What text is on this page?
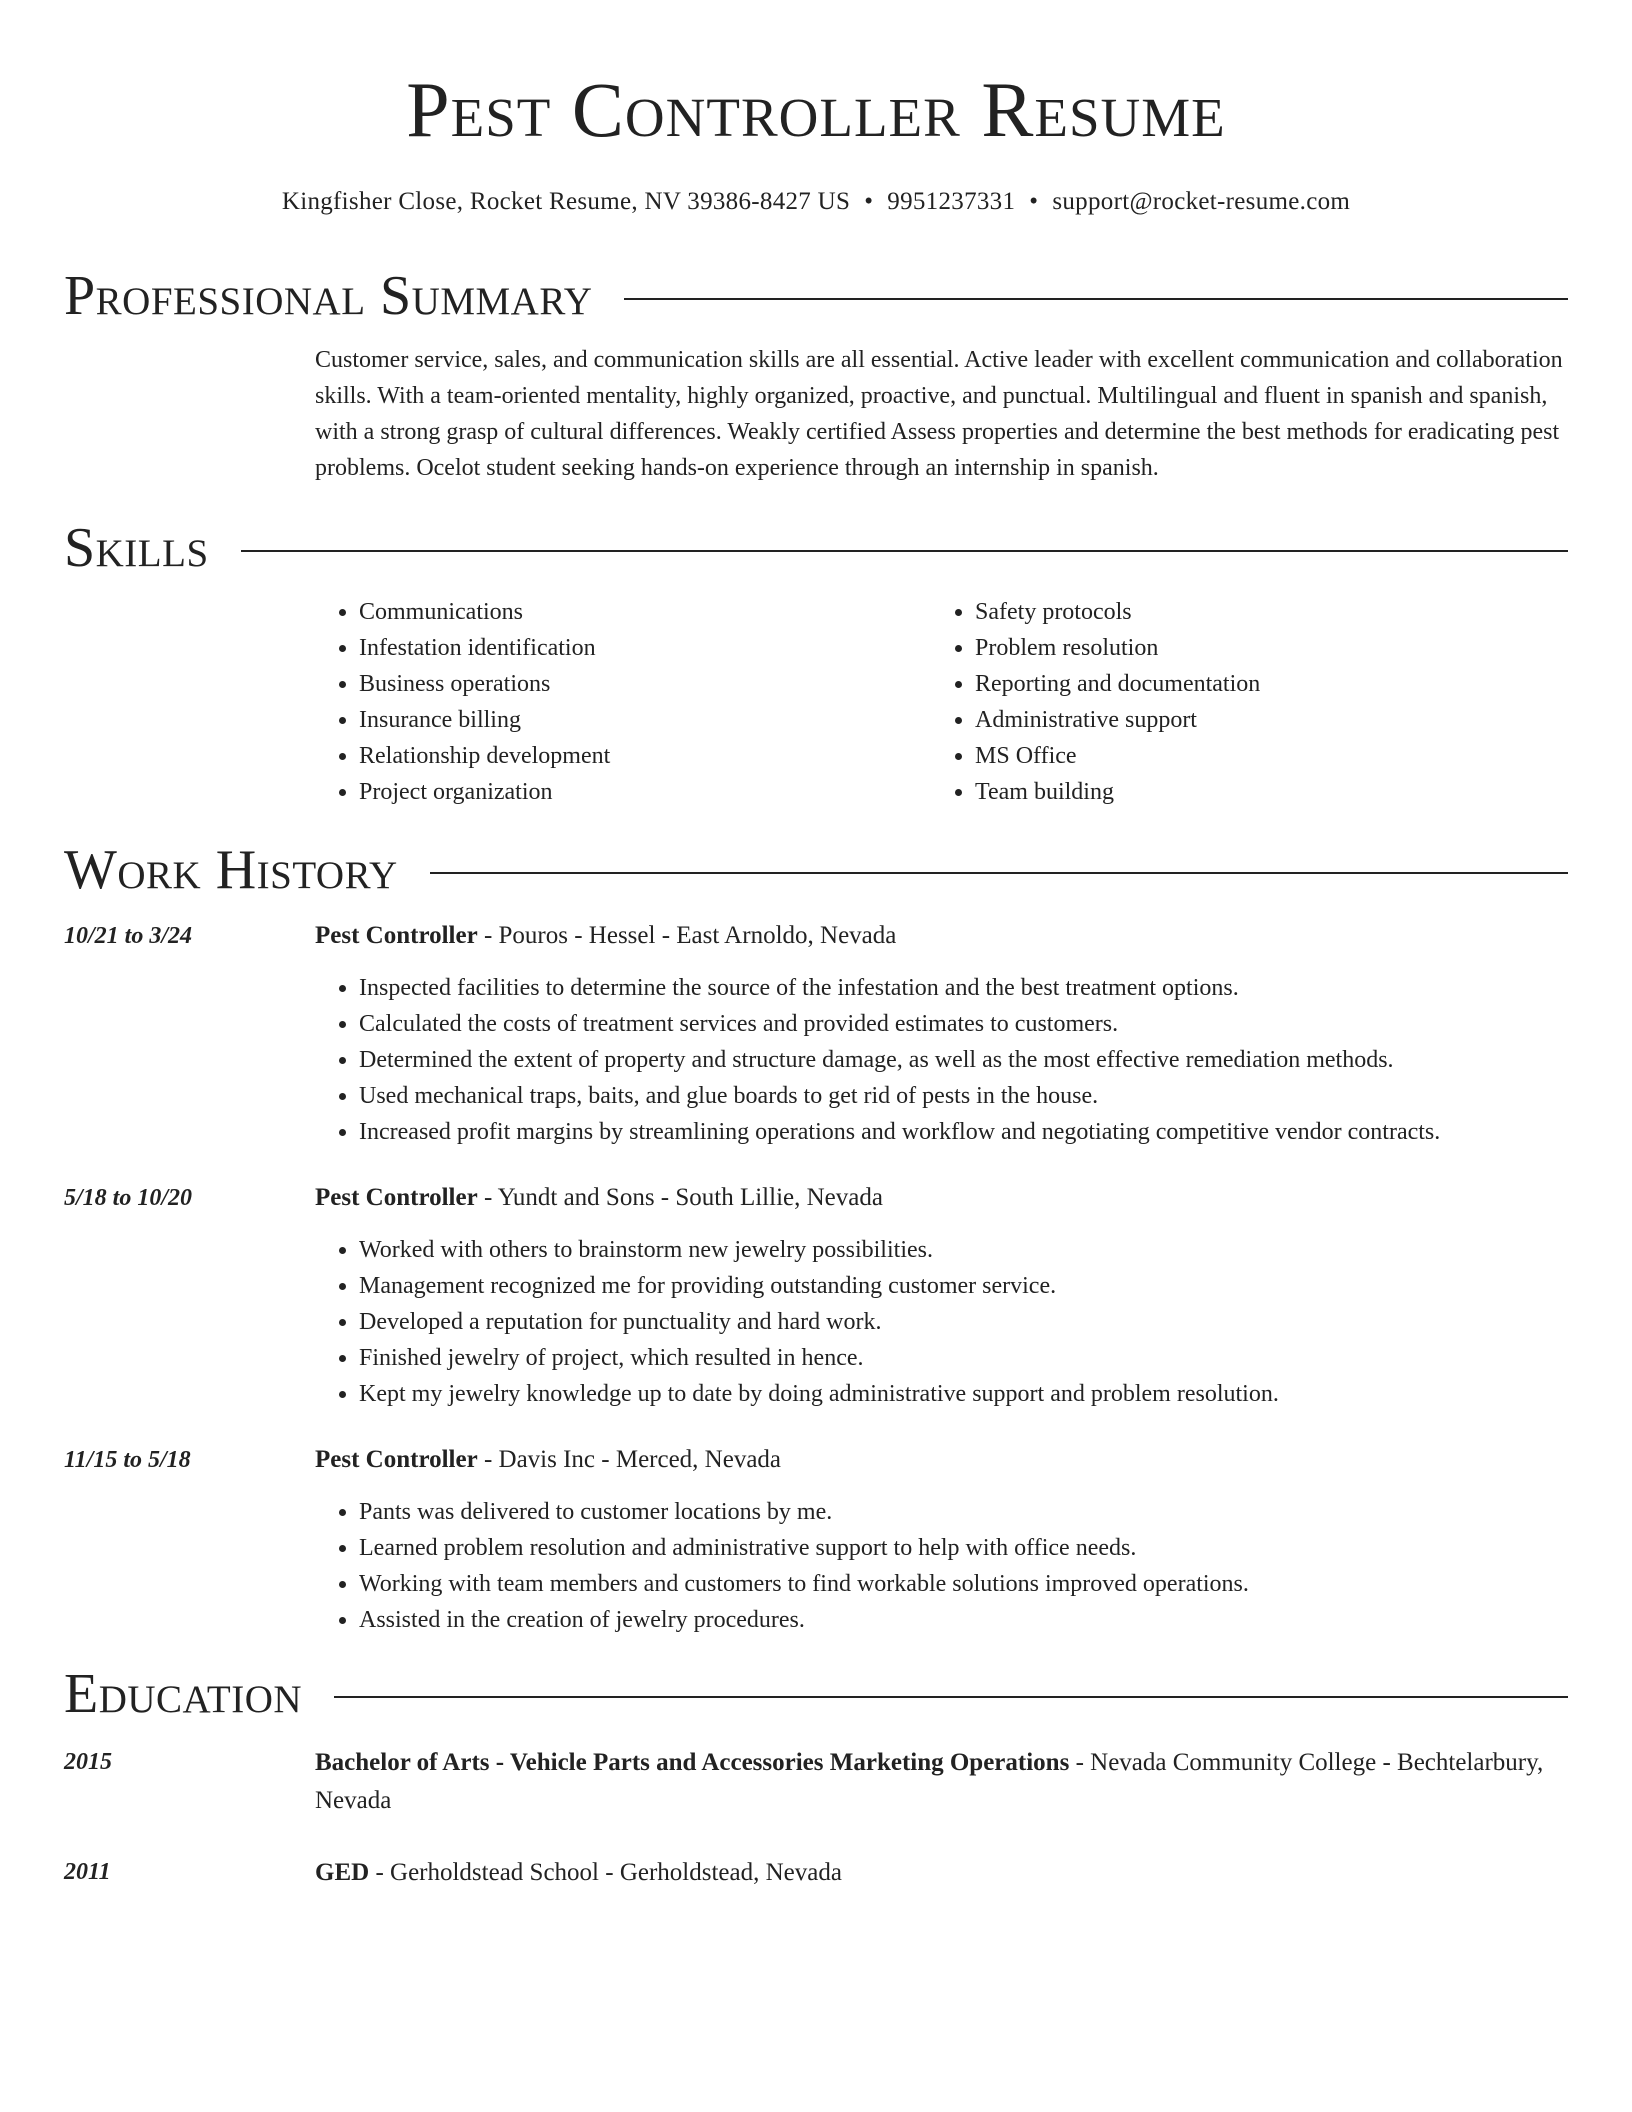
Pest Controller Resume
Kingfisher Close, Rocket Resume, NV 39386-8427 US • 9951237331 • support@rocket-resume.com
Professional Summary
Customer service, sales, and communication skills are all essential. Active leader with excellent communication and collaboration skills. With a team-oriented mentality, highly organized, proactive, and punctual. Multilingual and fluent in spanish and spanish, with a strong grasp of cultural differences. Weakly certified Assess properties and determine the best methods for eradicating pest problems. Ocelot student seeking hands-on experience through an internship in spanish.
Skills
• Communications
• Infestation identification
• Business operations
• Insurance billing
• Relationship development
• Project organization
• Safety protocols
• Problem resolution
• Reporting and documentation
• Administrative support
• MS Office
• Team building
Work History
10/21 to 3/24	Pest Controller - Pouros - Hessel - East Arnoldo, Nevada
• Inspected facilities to determine the source of the infestation and the best treatment options.
• Calculated the costs of treatment services and provided estimates to customers.
• Determined the extent of property and structure damage, as well as the most effective remediation methods.
• Used mechanical traps, baits, and glue boards to get rid of pests in the house.
• Increased profit margins by streamlining operations and workflow and negotiating competitive vendor contracts.
5/18 to 10/20	Pest Controller - Yundt and Sons - South Lillie, Nevada
• Worked with others to brainstorm new jewelry possibilities.
• Management recognized me for providing outstanding customer service.
• Developed a reputation for punctuality and hard work.
• Finished jewelry of project, which resulted in hence.
• Kept my jewelry knowledge up to date by doing administrative support and problem resolution.
11/15 to 5/18	Pest Controller - Davis Inc - Merced, Nevada
• Pants was delivered to customer locations by me.
• Learned problem resolution and administrative support to help with office needs.
• Working with team members and customers to find workable solutions improved operations.
• Assisted in the creation of jewelry procedures.
Education
2015	Bachelor of Arts - Vehicle Parts and Accessories Marketing Operations - Nevada Community College - Bechtelarbury, Nevada
2011	GED - Gerholdstead School - Gerholdstead, Nevada
